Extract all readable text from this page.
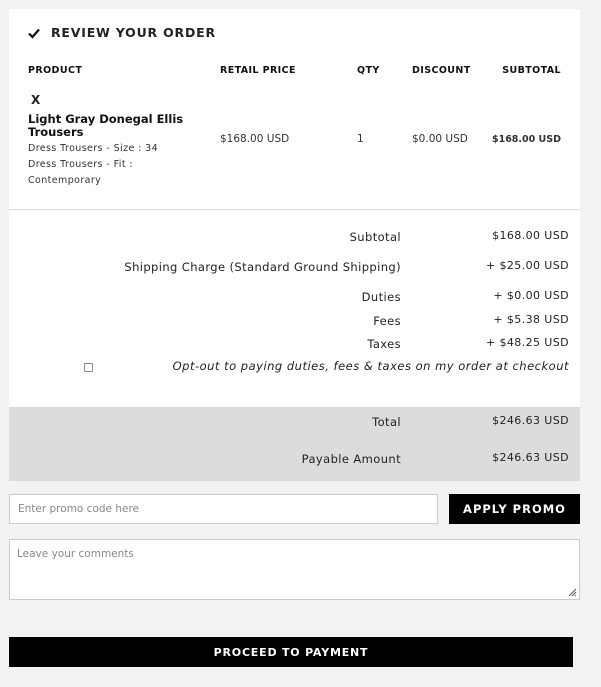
REVIEW YOUR ORDER
PRODUCT	RETAIL PRICE	QTY	DISCOUNT	SUBTOTAL
X
Light Gray Donegal Ellis Trousers
Dress Trousers - Size : 34
Dress Trousers - Fit :
Contemporary
$168.00 USD	1	$0.00 USD	$168.00 USD
Subtotal	$168.00 USD
Shipping Charge (Standard Ground Shipping)	+ $25.00 USD
Duties	+ $0.00 USD
Fees	+ $5.38 USD
Taxes	+ $48.25 USD
Opt-out to paying duties, fees & taxes on my order at checkout
Total	$246.63 USD
Payable Amount	$246.63 USD
Enter promo code here	APPLY PROMO
Leave your comments
PROCEED TO PAYMENT
